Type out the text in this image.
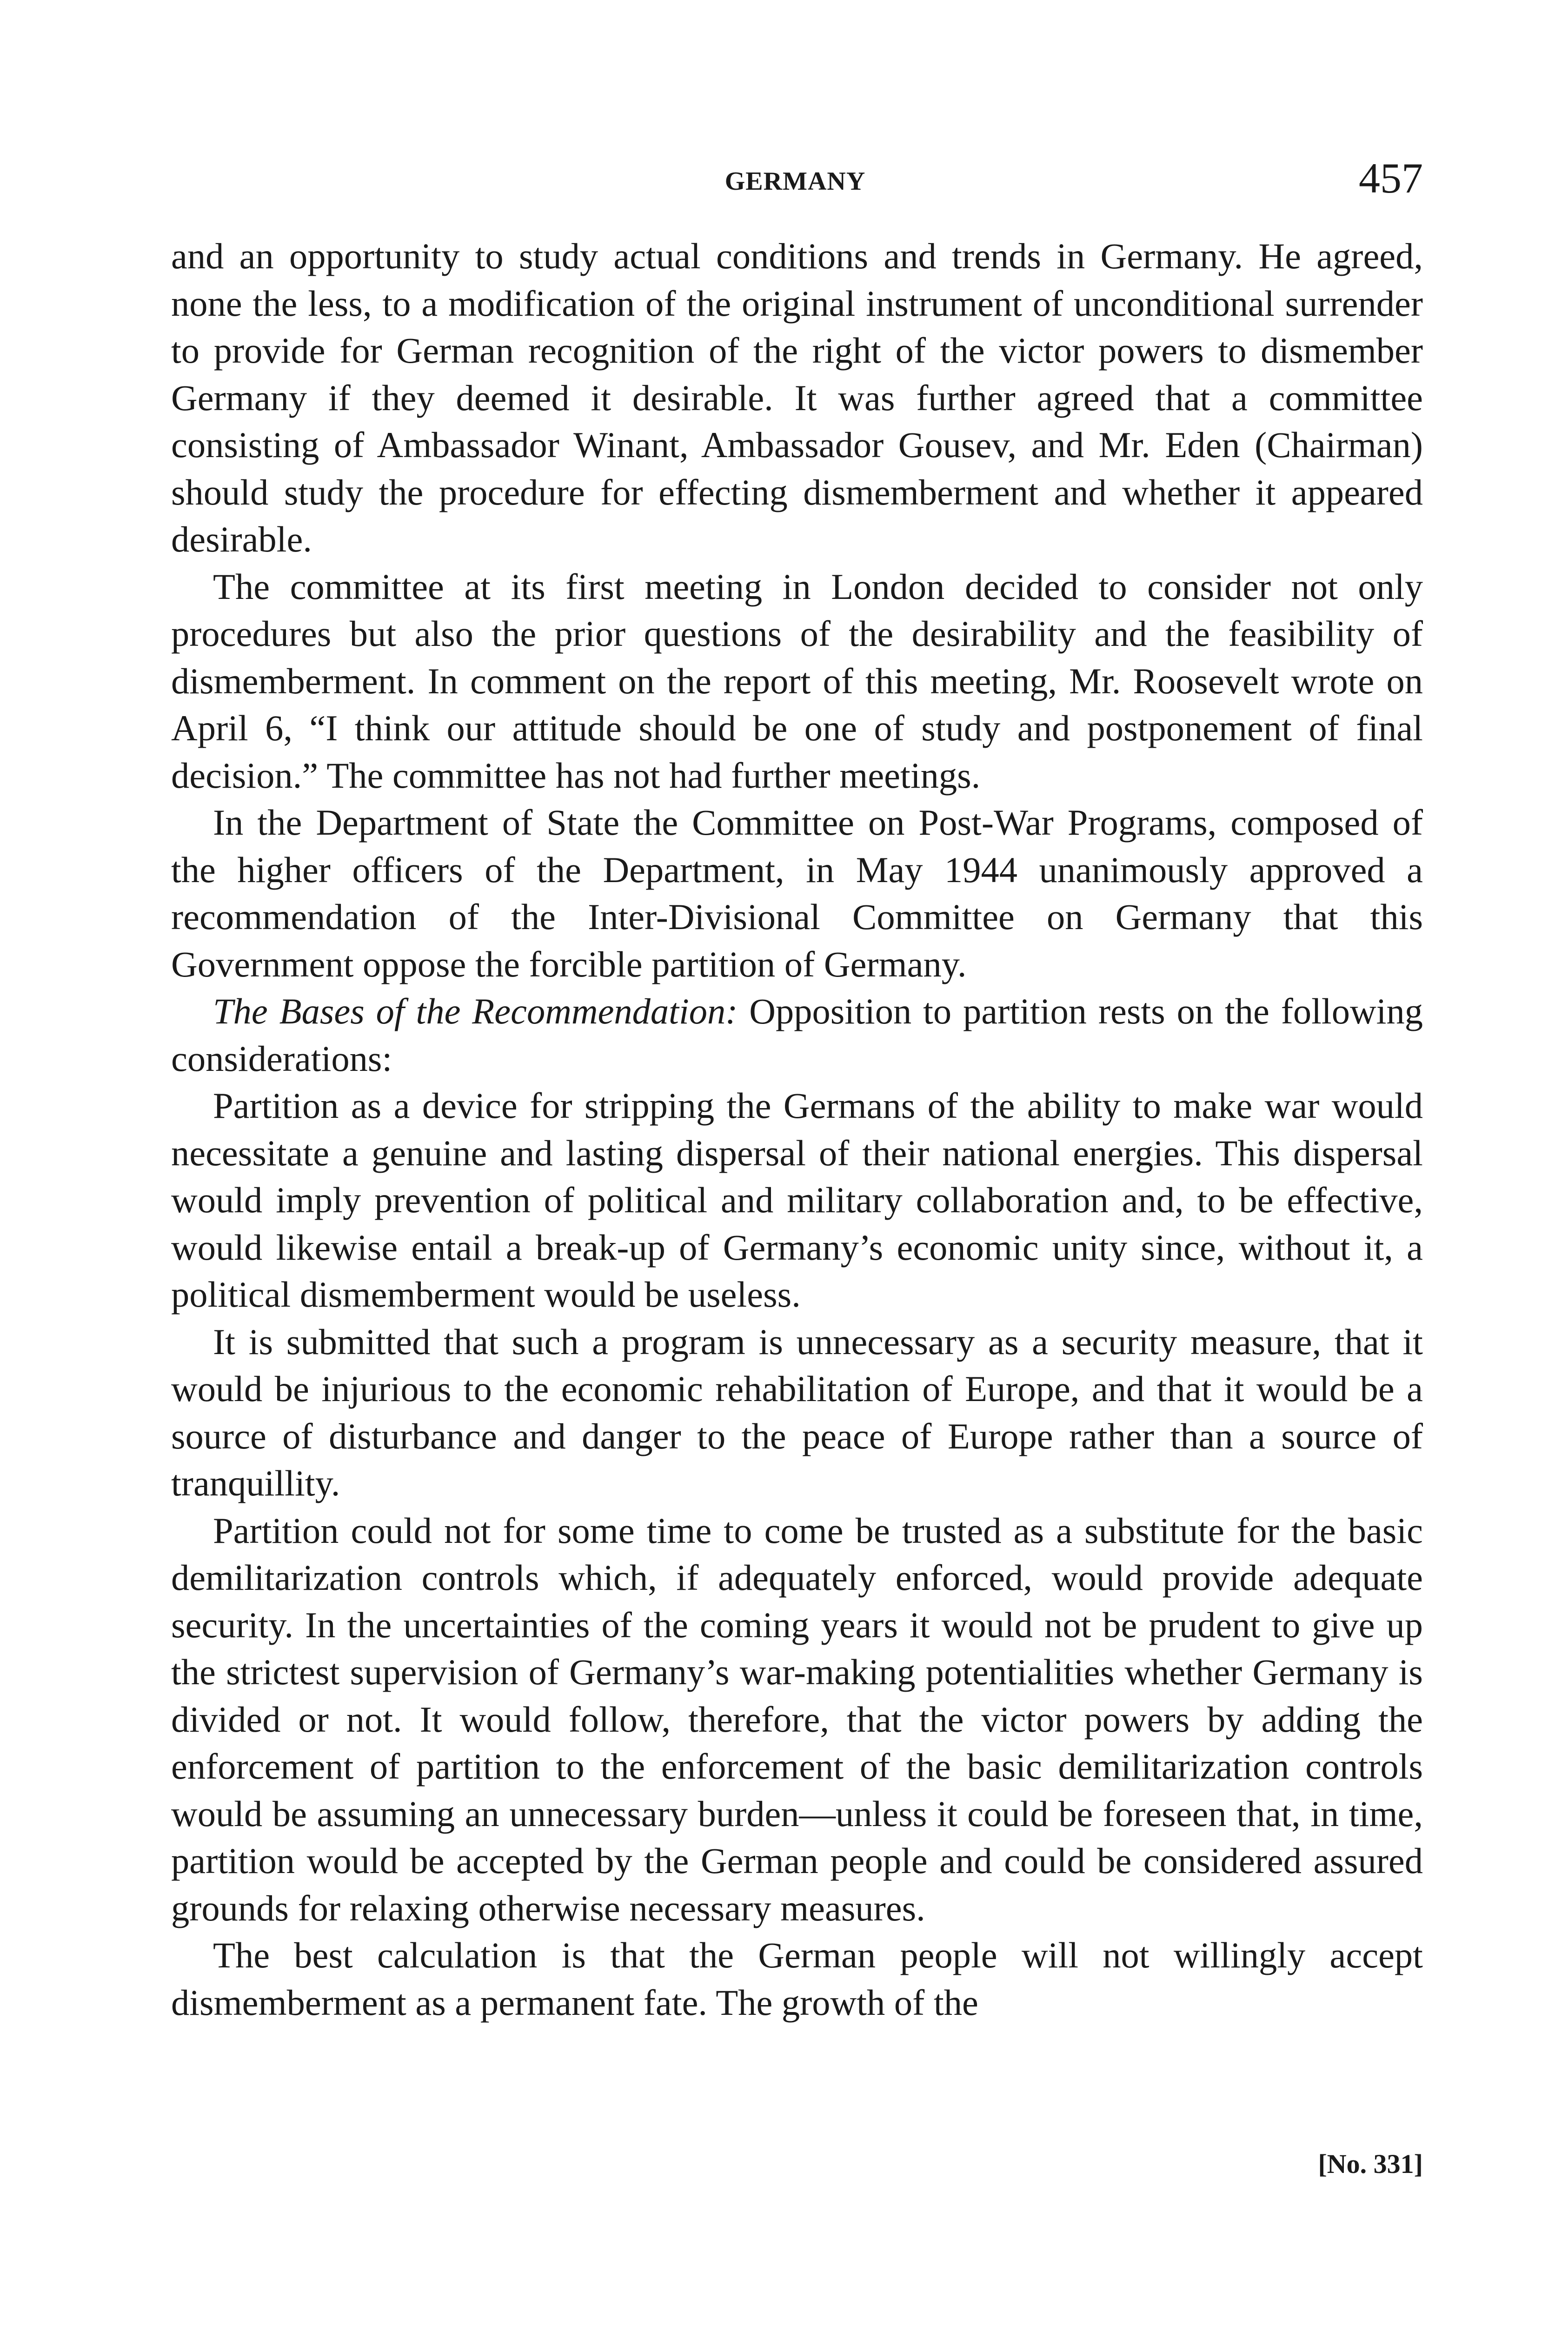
GERMANY	457

and an opportunity to study actual conditions and trends in Germany. He agreed, none the less, to a modification of the original instrument of unconditional surrender to provide for German recognition of the right of the victor powers to dismember Germany if they deemed it desirable. It was further agreed that a committee consisting of Ambassador Winant, Ambassador Gousev, and Mr. Eden (Chairman) should study the procedure for effecting dismemberment and whether it appeared desirable.

The committee at its first meeting in London decided to consider not only procedures but also the prior questions of the desirability and the feasibility of dismemberment. In comment on the report of this meeting, Mr. Roosevelt wrote on April 6, “I think our attitude should be one of study and postponement of final decision.” The committee has not had further meetings.

In the Department of State the Committee on Post-War Programs, composed of the higher officers of the Department, in May 1944 unanimously approved a recommendation of the Inter-Divisional Committee on Germany that this Government oppose the forcible partition of Germany.

The Bases of the Recommendation: Opposition to partition rests on the following considerations:

Partition as a device for stripping the Germans of the ability to make war would necessitate a genuine and lasting dispersal of their national energies. This dispersal would imply prevention of political and military collaboration and, to be effective, would likewise entail a break-up of Germany’s economic unity since, without it, a political dismemberment would be useless.

It is submitted that such a program is unnecessary as a security measure, that it would be injurious to the economic rehabilitation of Europe, and that it would be a source of disturbance and danger to the peace of Europe rather than a source of tranquillity.

Partition could not for some time to come be trusted as a substitute for the basic demilitarization controls which, if adequately enforced, would provide adequate security. In the uncertainties of the coming years it would not be prudent to give up the strictest supervision of Germany’s war-making potentialities whether Germany is divided or not. It would follow, therefore, that the victor powers by adding the enforcement of partition to the enforcement of the basic demilitarization controls would be assuming an unnecessary burden—unless it could be foreseen that, in time, partition would be accepted by the German people and could be considered assured grounds for relaxing otherwise necessary measures.

The best calculation is that the German people will not willingly accept dismemberment as a permanent fate. The growth of the

[No. 331]
